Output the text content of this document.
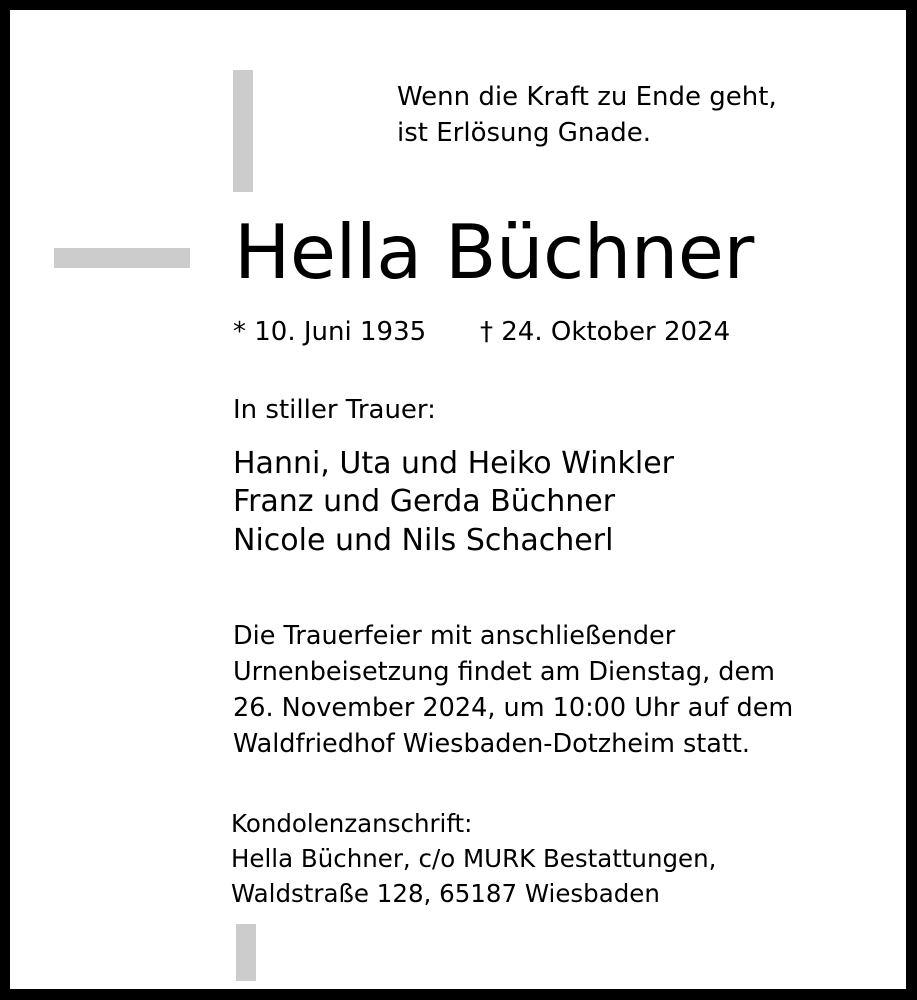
Wenn die Kraft zu Ende geht,

ist Erlösung Gnade.

Hella Büchner
* 10. Juni 1935 † 24. Oktober 2024

In stiller Trauer:

Hanni, Uta und Heiko Winkler

Franz und Gerda Büchner

Nicole und Nils Schacherl

Die Trauerfeier mit anschließender

Urnenbeisetzung findet am Dienstag, dem

26. November 2024, um 10:00 Uhr auf dem

Waldfriedhof Wiesbaden-Dotzheim statt.

Kondolenzanschrift:

Hella Büchner, c/o MURK Bestattungen,

Waldstraße 128, 65187 Wiesbaden
